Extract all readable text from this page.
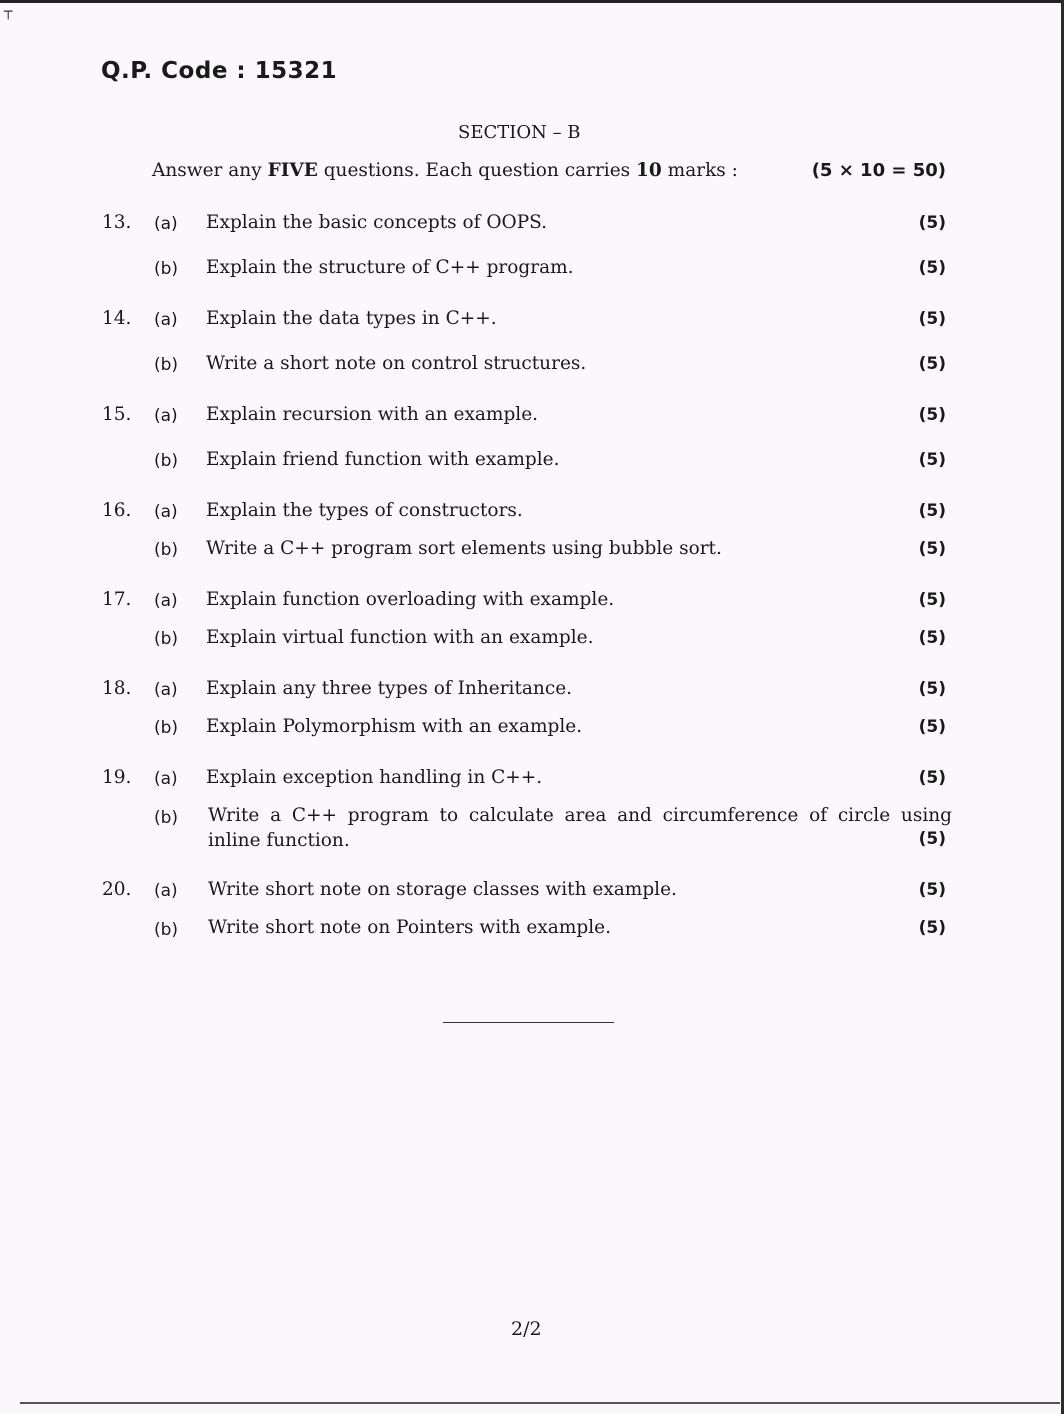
┬
Q.P. Code : 15321
SECTION – B
Answer any FIVE questions. Each question carries 10 marks :	(5 × 10 = 50)
13. (a) Explain the basic concepts of OOPS.	(5)
(b) Explain the structure of C++ program.	(5)
14. (a) Explain the data types in C++.	(5)
(b) Write a short note on control structures.	(5)
15. (a) Explain recursion with an example.	(5)
(b) Explain friend function with example.	(5)
16. (a) Explain the types of constructors.	(5)
(b) Write a C++ program sort elements using bubble sort.	(5)
17. (a) Explain function overloading with example.	(5)
(b) Explain virtual function with an example.	(5)
18. (a) Explain any three types of Inheritance.	(5)
(b) Explain Polymorphism with an example.	(5)
19. (a) Explain exception handling in C++.	(5)
(b) Write a C++ program to calculate area and circumference of circle using
inline function.	(5)
20. (a) Write short note on storage classes with example.	(5)
(b) Write short note on Pointers with example.	(5)
2/2
